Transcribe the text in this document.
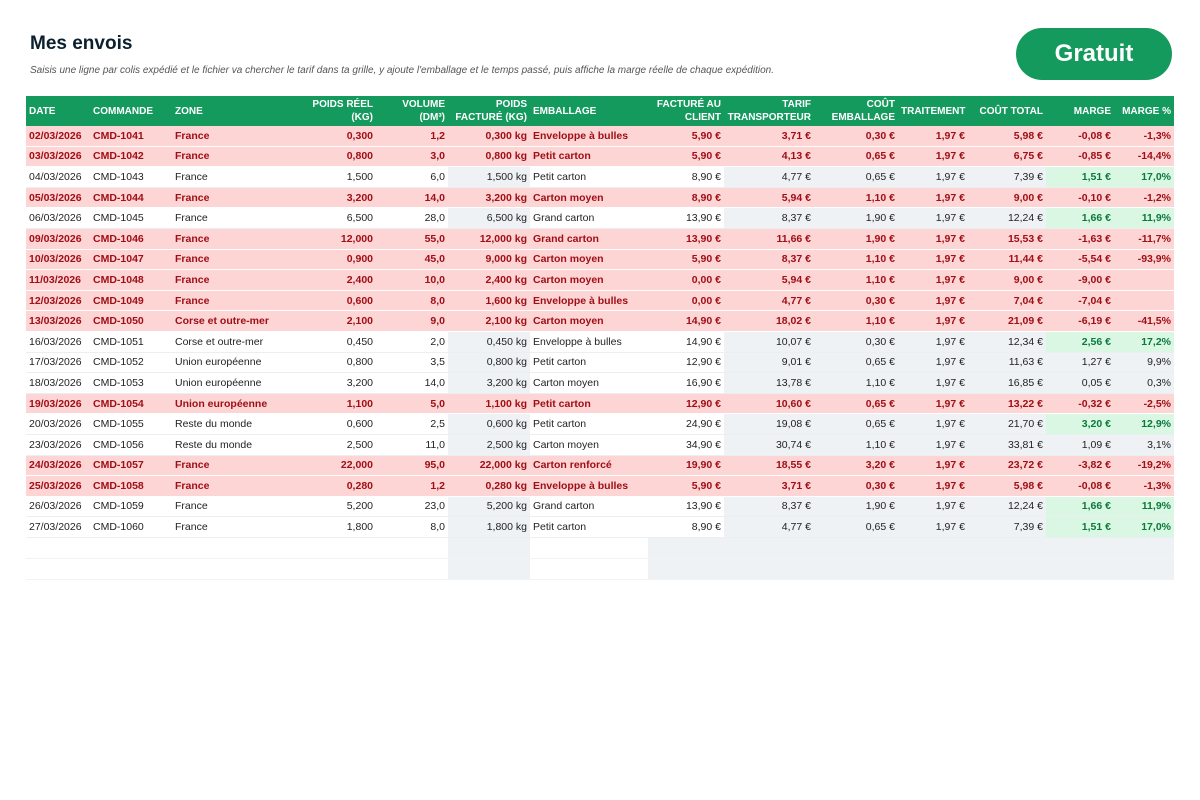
Mes envois
Saisis une ligne par colis expédié et le fichier va chercher le tarif dans ta grille, y ajoute l'emballage et le temps passé, puis affiche la marge réelle de chaque expédition.
Gratuit
DATE	COMMANDE	ZONE	POIDS RÉEL (KG)	VOLUME (DM³)	POIDS FACTURÉ (KG)	EMBALLAGE	FACTURÉ AU CLIENT	TARIF TRANSPORTEUR	COÛT EMBALLAGE	TRAITEMENT	COÛT TOTAL	MARGE	MARGE %
02/03/2026	CMD-1041	France	0,300	1,2	0,300 kg	Enveloppe à bulles	5,90 €	3,71 €	0,30 €	1,97 €	5,98 €	-0,08 €	-1,3%
03/03/2026	CMD-1042	France	0,800	3,0	0,800 kg	Petit carton	5,90 €	4,13 €	0,65 €	1,97 €	6,75 €	-0,85 €	-14,4%
04/03/2026	CMD-1043	France	1,500	6,0	1,500 kg	Petit carton	8,90 €	4,77 €	0,65 €	1,97 €	7,39 €	1,51 €	17,0%
05/03/2026	CMD-1044	France	3,200	14,0	3,200 kg	Carton moyen	8,90 €	5,94 €	1,10 €	1,97 €	9,00 €	-0,10 €	-1,2%
06/03/2026	CMD-1045	France	6,500	28,0	6,500 kg	Grand carton	13,90 €	8,37 €	1,90 €	1,97 €	12,24 €	1,66 €	11,9%
09/03/2026	CMD-1046	France	12,000	55,0	12,000 kg	Grand carton	13,90 €	11,66 €	1,90 €	1,97 €	15,53 €	-1,63 €	-11,7%
10/03/2026	CMD-1047	France	0,900	45,0	9,000 kg	Carton moyen	5,90 €	8,37 €	1,10 €	1,97 €	11,44 €	-5,54 €	-93,9%
11/03/2026	CMD-1048	France	2,400	10,0	2,400 kg	Carton moyen	0,00 €	5,94 €	1,10 €	1,97 €	9,00 €	-9,00 €	
12/03/2026	CMD-1049	France	0,600	8,0	1,600 kg	Enveloppe à bulles	0,00 €	4,77 €	0,30 €	1,97 €	7,04 €	-7,04 €	
13/03/2026	CMD-1050	Corse et outre-mer	2,100	9,0	2,100 kg	Carton moyen	14,90 €	18,02 €	1,10 €	1,97 €	21,09 €	-6,19 €	-41,5%
16/03/2026	CMD-1051	Corse et outre-mer	0,450	2,0	0,450 kg	Enveloppe à bulles	14,90 €	10,07 €	0,30 €	1,97 €	12,34 €	2,56 €	17,2%
17/03/2026	CMD-1052	Union européenne	0,800	3,5	0,800 kg	Petit carton	12,90 €	9,01 €	0,65 €	1,97 €	11,63 €	1,27 €	9,9%
18/03/2026	CMD-1053	Union européenne	3,200	14,0	3,200 kg	Carton moyen	16,90 €	13,78 €	1,10 €	1,97 €	16,85 €	0,05 €	0,3%
19/03/2026	CMD-1054	Union européenne	1,100	5,0	1,100 kg	Petit carton	12,90 €	10,60 €	0,65 €	1,97 €	13,22 €	-0,32 €	-2,5%
20/03/2026	CMD-1055	Reste du monde	0,600	2,5	0,600 kg	Petit carton	24,90 €	19,08 €	0,65 €	1,97 €	21,70 €	3,20 €	12,9%
23/03/2026	CMD-1056	Reste du monde	2,500	11,0	2,500 kg	Carton moyen	34,90 €	30,74 €	1,10 €	1,97 €	33,81 €	1,09 €	3,1%
24/03/2026	CMD-1057	France	22,000	95,0	22,000 kg	Carton renforcé	19,90 €	18,55 €	3,20 €	1,97 €	23,72 €	-3,82 €	-19,2%
25/03/2026	CMD-1058	France	0,280	1,2	0,280 kg	Enveloppe à bulles	5,90 €	3,71 €	0,30 €	1,97 €	5,98 €	-0,08 €	-1,3%
26/03/2026	CMD-1059	France	5,200	23,0	5,200 kg	Grand carton	13,90 €	8,37 €	1,90 €	1,97 €	12,24 €	1,66 €	11,9%
27/03/2026	CMD-1060	France	1,800	8,0	1,800 kg	Petit carton	8,90 €	4,77 €	0,65 €	1,97 €	7,39 €	1,51 €	17,0%
